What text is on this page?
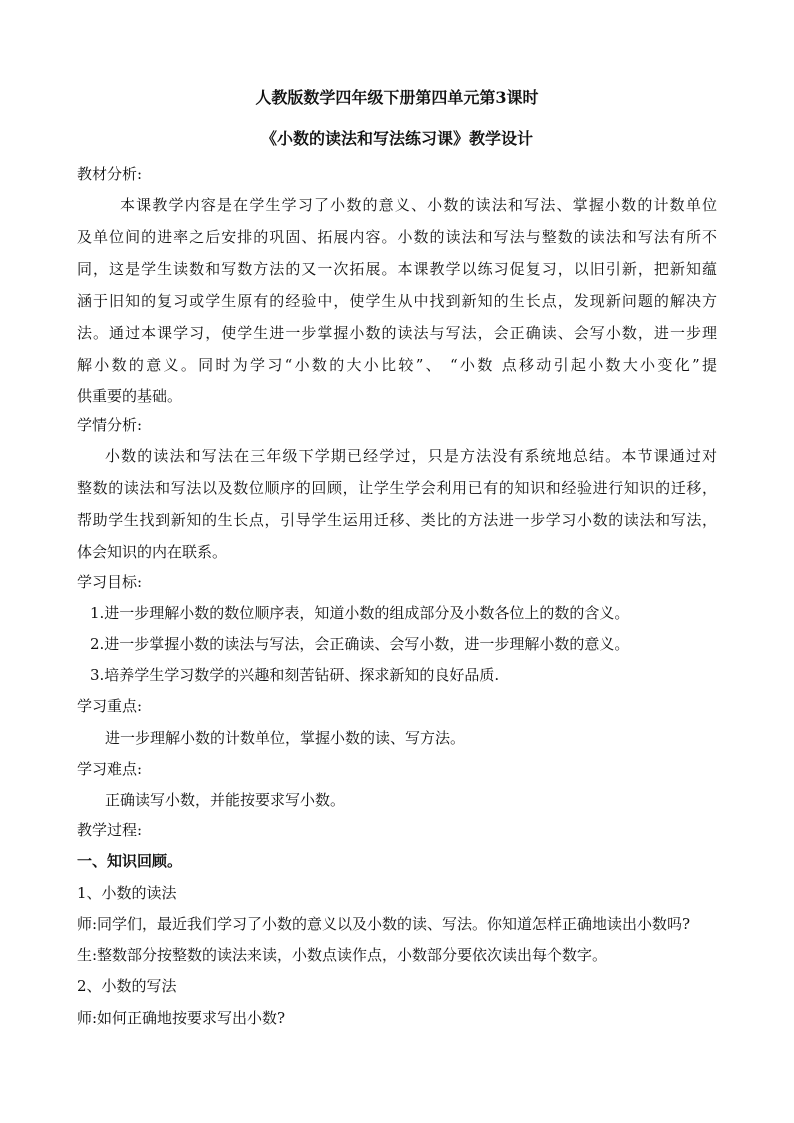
人教版数学四年级下册第四单元第3课时
《小数的读法和写法练习课》教学设计
教材分析:
本课教学内容是在学生学习了小数的意义、小数的读法和写法、掌握小数的计数单位
及单位间的进率之后安排的巩固、拓展内容。小数的读法和写法与整数的读法和写法有所不
同，这是学生读数和写数方法的又一次拓展。本课教学以练习促复习，以旧引新，把新知蕴
涵于旧知的复习或学生原有的经验中，使学生从中找到新知的生长点，发现新问题的解决方
法。通过本课学习，使学生进一步掌握小数的读法与写法，会正确读、会写小数，进一步理
解小数的意义。同时为学习“小数的大小比较”、 “小数 点移动引起小数大小变化”提
供重要的基础。
学情分析:
小数的读法和写法在三年级下学期已经学过，只是方法没有系统地总结。本节课通过对
整数的读法和写法以及数位顺序的回顾，让学生学会利用已有的知识和经验进行知识的迁移，
帮助学生找到新知的生长点，引导学生运用迁移、类比的方法进一步学习小数的读法和写法，
体会知识的内在联系。
学习目标:
1.进一步理解小数的数位顺序表，知道小数的组成部分及小数各位上的数的含义。
2.进一步掌握小数的读法与写法，会正确读、会写小数，进一步理解小数的意义。
3.培养学生学习数学的兴趣和刻苦钻研、探求新知的良好品质.
学习重点:
进一步理解小数的计数单位，掌握小数的读、写方法。
学习难点:
正确读写小数，并能按要求写小数。
教学过程:
一、知识回顾。
1、小数的读法
师:同学们，最近我们学习了小数的意义以及小数的读、写法。你知道怎样正确地读出小数吗?
生:整数部分按整数的读法来读，小数点读作点，小数部分要依次读出每个数字。
2、小数的写法
师:如何正确地按要求写出小数?
